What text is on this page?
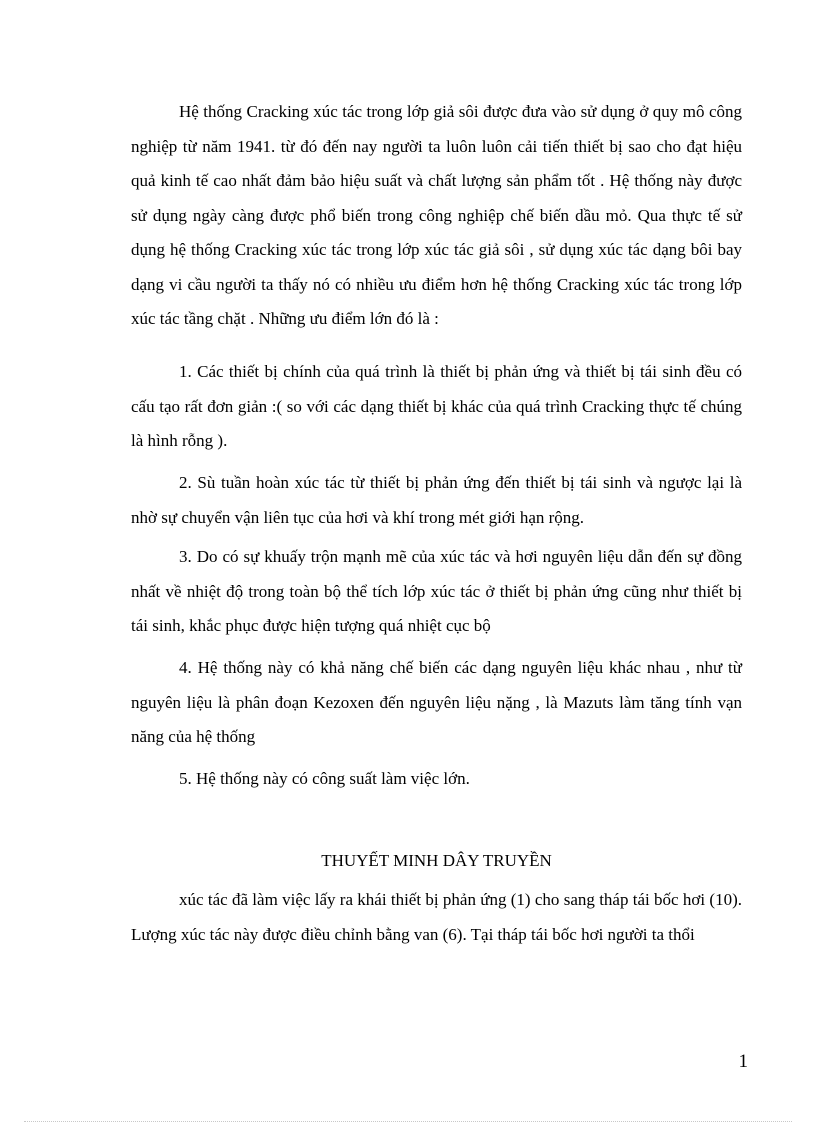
Hệ thống Cracking xúc tác trong lớp giả sôi được đưa vào sử dụng ở quy mô công nghiệp từ năm 1941. từ đó đến nay người ta luôn luôn cải tiến thiết bị sao cho đạt hiệu quả kinh tế cao nhất đảm bảo hiệu suất và chất lượng sản phẩm tốt . Hệ thống này được sử dụng ngày càng được phổ biến trong công nghiệp chế biến dầu mỏ. Qua thực tế sử dụng hệ thống Cracking xúc tác trong lớp xúc tác giả sôi , sử dụng xúc tác dạng bôi bay dạng vi cầu người ta thấy nó có nhiều ưu điểm hơn hệ thống Cracking xúc tác trong lớp xúc tác tầng chặt . Những ưu điểm lớn đó là :

1. Các thiết bị chính của quá trình là thiết bị phản ứng và thiết bị tái sinh đều có cấu tạo rất đơn giản :( so với các dạng thiết bị khác của quá trình Cracking thực tế chúng là hình rỗng ).

2. Sù tuần hoàn xúc tác từ thiết bị phản ứng đến thiết bị tái sinh và ngược lại là nhờ sự chuyển vận liên tục của hơi và khí trong mét giới hạn rộng.

3. Do có sự khuấy trộn mạnh mẽ của xúc tác và hơi nguyên liệu dẫn đến sự đồng nhất về nhiệt độ trong toàn bộ thể tích lớp xúc tác ở thiết bị phản ứng cũng như thiết bị tái sinh, khắc phục được hiện tượng quá nhiệt cục bộ

4. Hệ thống này có khả năng chế biến các dạng nguyên liệu khác nhau , như từ nguyên liệu là phân đoạn Kezoxen đến nguyên liệu nặng , là Mazuts làm tăng tính vạn năng của hệ thống

5. Hệ thống này có công suất làm việc lớn.

THUYẾT MINH DÂY TRUYỀN

xúc tác đã làm việc lấy ra khái thiết bị phản ứng (1) cho sang tháp tái bốc hơi (10). Lượng xúc tác này được điều chỉnh bằng van (6). Tại tháp tái bốc hơi người ta thổi

1
